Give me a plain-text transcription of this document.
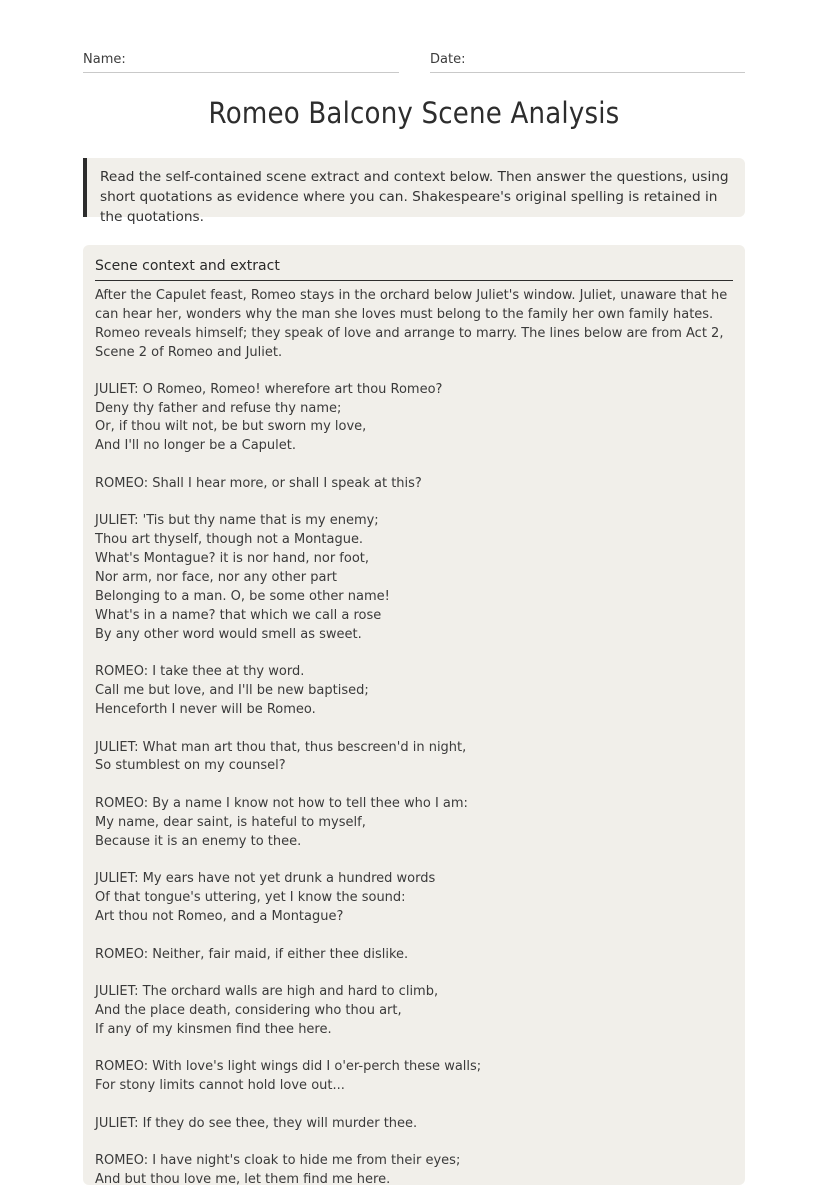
Name:	Date:
Romeo Balcony Scene Analysis
Read the self-contained scene extract and context below. Then answer the questions, using short quotations as evidence where you can. Shakespeare's original spelling is retained in the quotations.
Scene context and extract
After the Capulet feast, Romeo stays in the orchard below Juliet's window. Juliet, unaware that he can hear her, wonders why the man she loves must belong to the family her own family hates. Romeo reveals himself; they speak of love and arrange to marry. The lines below are from Act 2, Scene 2 of Romeo and Juliet.
JULIET: O Romeo, Romeo! wherefore art thou Romeo?
Deny thy father and refuse thy name;
Or, if thou wilt not, be but sworn my love,
And I'll no longer be a Capulet.
ROMEO: Shall I hear more, or shall I speak at this?
JULIET: 'Tis but thy name that is my enemy;
Thou art thyself, though not a Montague.
What's Montague? it is nor hand, nor foot,
Nor arm, nor face, nor any other part
Belonging to a man. O, be some other name!
What's in a name? that which we call a rose
By any other word would smell as sweet.
ROMEO: I take thee at thy word.
Call me but love, and I'll be new baptised;
Henceforth I never will be Romeo.
JULIET: What man art thou that, thus bescreen'd in night,
So stumblest on my counsel?
ROMEO: By a name I know not how to tell thee who I am:
My name, dear saint, is hateful to myself,
Because it is an enemy to thee.
JULIET: My ears have not yet drunk a hundred words
Of that tongue's uttering, yet I know the sound:
Art thou not Romeo, and a Montague?
ROMEO: Neither, fair maid, if either thee dislike.
JULIET: The orchard walls are high and hard to climb,
And the place death, considering who thou art,
If any of my kinsmen find thee here.
ROMEO: With love's light wings did I o'er-perch these walls;
For stony limits cannot hold love out...
JULIET: If they do see thee, they will murder thee.
ROMEO: I have night's cloak to hide me from their eyes;
And but thou love me, let them find me here.
